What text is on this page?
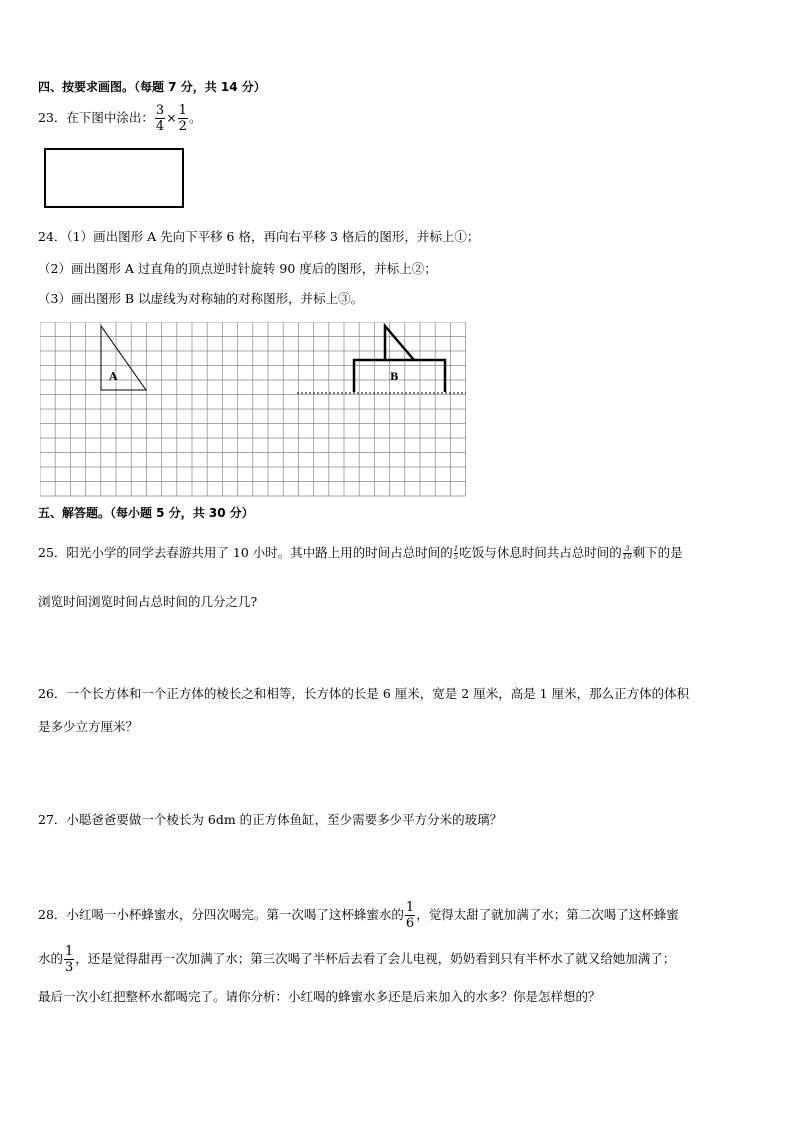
四、按要求画图。（每题 7 分，共 14 分）
23．在下图中涂出： $\frac{3}{4} \times \frac{1}{2}$ 。
24．（1）画出图形 A 先向下平移 6 格，再向右平移 3 格后的图形，并标上①；
（2）画出图形 A 过直角的顶点逆时针旋转 90 度后的图形，并标上②；
（3）画出图形 B 以虚线为对称轴的对称图形，并标上③。
A	B
五、解答题。（每小题 5 分，共 30 分）
25．阳光小学的同学去春游共用了 10 小时。其中路上用的时间占总时间的 $\frac{1}{5}$ 吃饭与休息时间共占总时间的 $\frac{3}{10}$ 剩下的是
浏览时间浏览时间占总时间的几分之几?
26．一个长方体和一个正方体的棱长之和相等，长方体的长是 6 厘米，宽是 2 厘米，高是 1 厘米，那么正方体的体积
是多少立方厘米？
27．小聪爸爸要做一个棱长为 6dm 的正方体鱼缸，至少需要多少平方分米的玻璃？
28．小红喝一小杯蜂蜜水，分四次喝完。第一次喝了这杯蜂蜜水的 $\frac{1}{6}$ ，觉得太甜了就加满了水；第二次喝了这杯蜂蜜
水的 $\frac{1}{3}$ ，还是觉得甜再一次加满了水；第三次喝了半杯后去看了会儿电视，奶奶看到只有半杯水了就又给她加满了；
最后一次小红把整杯水都喝完了。请你分析：小红喝的蜂蜜水多还是后来加入的水多？你是怎样想的？
